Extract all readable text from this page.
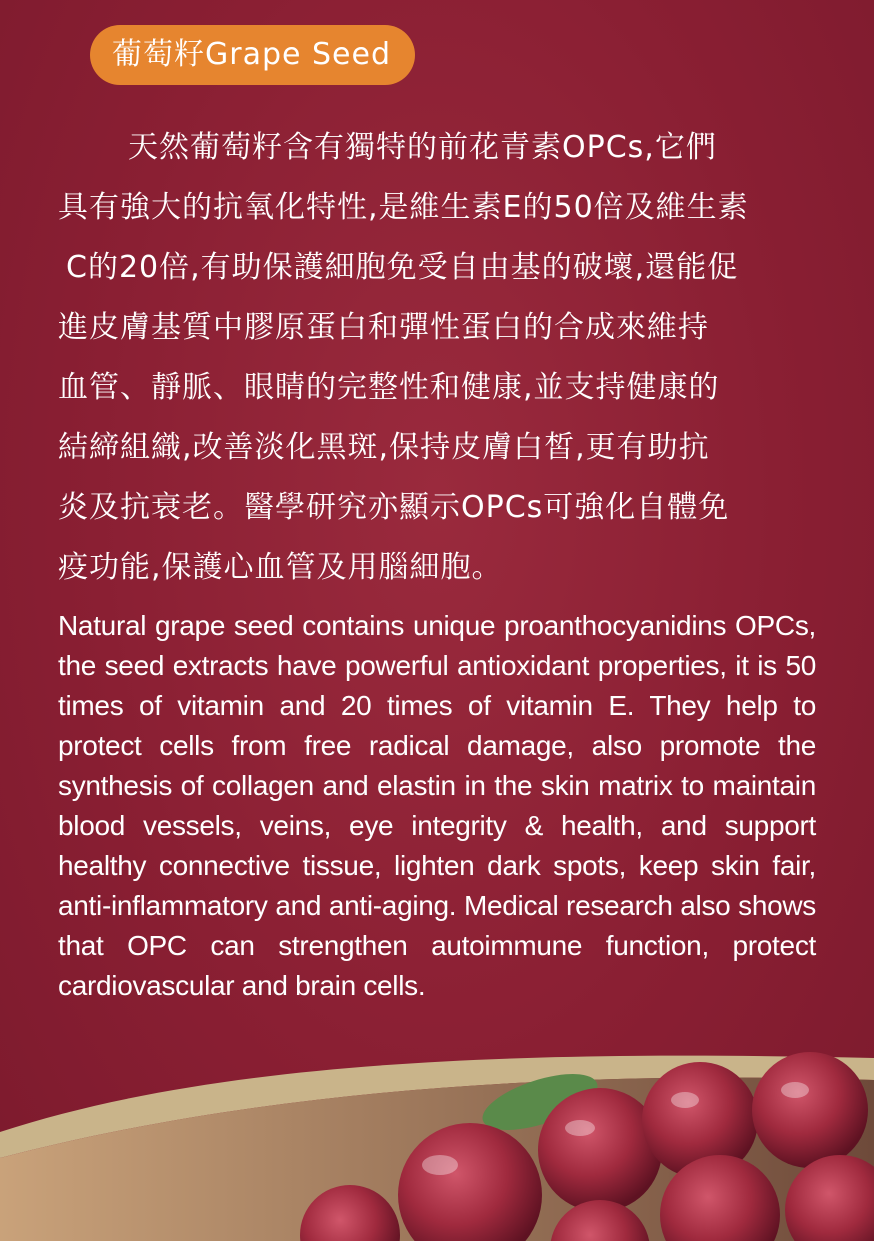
葡萄籽Grape Seed
天然葡萄籽含有獨特的前花青素OPCs,它們
具有強大的抗氧化特性,是維生素E的50倍及維生素
C的20倍,有助保護細胞免受自由基的破壞,還能促
進皮膚基質中膠原蛋白和彈性蛋白的合成來維持
血管、靜脈、眼睛的完整性和健康,並支持健康的
結締組織,改善淡化黑斑,保持皮膚白皙,更有助抗
炎及抗衰老。醫學研究亦顯示OPCs可強化自體免
疫功能,保護心血管及用腦細胞。
Natural grape seed contains unique proanthocyanidins OPCs, the seed extracts have powerful antioxidant properties, it is 50 times of vitamin and 20 times of vitamin E. They help to protect cells from free radical damage, also promote the synthesis of collagen and elastin in the skin matrix to maintain blood vessels, veins, eye integrity & health, and support healthy connective tissue, lighten dark spots, keep skin fair, anti-inflammatory and anti-aging. Medical research also shows that OPC can strengthen autoimmune function, protect cardiovascular and brain cells.
